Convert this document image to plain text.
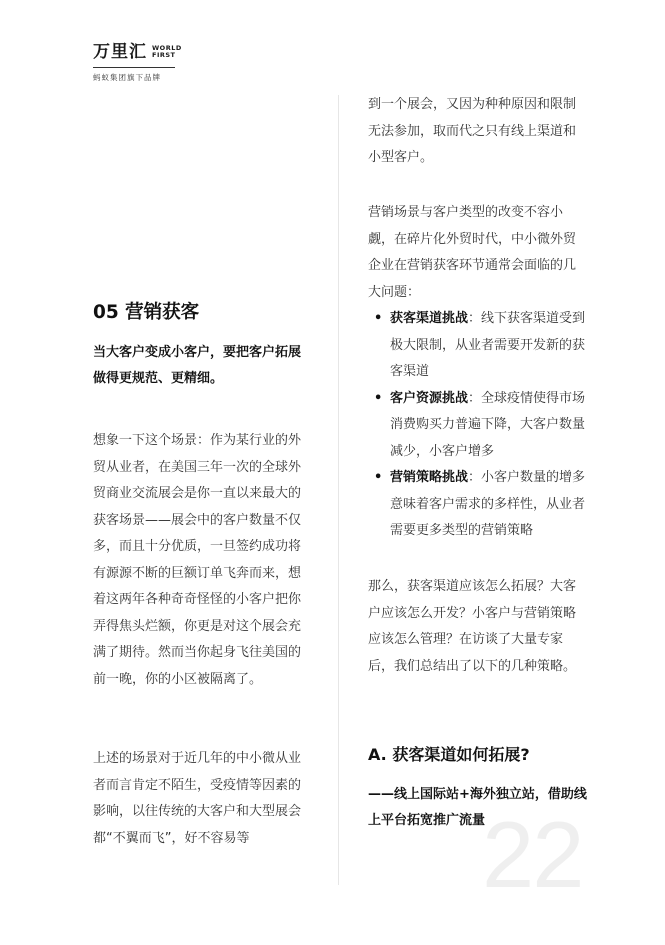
万里汇 WORLD
FIRST
蚂蚁集团旗下品牌
05 营销获客
当大客户变成小客户，要把客户拓展做得更规范、更精细。

想象一下这个场景：作为某行业的外贸从业者，在美国三年一次的全球外贸商业交流展会是你一直以来最大的获客场景——展会中的客户数量不仅多，而且十分优质，一旦签约成功将有源源不断的巨额订单飞奔而来，想着这两年各种奇奇怪怪的小客户把你弄得焦头烂额，你更是对这个展会充满了期待。然而当你起身飞往美国的前一晚，你的小区被隔离了。

上述的场景对于近几年的中小微从业者而言肯定不陌生，受疫情等因素的影响，以往传统的大客户和大型展会都“不翼而飞”，好不容易等

到一个展会，又因为种种原因和限制无法参加，取而代之只有线上渠道和小型客户。

营销场景与客户类型的改变不容小觑，在碎片化外贸时代，中小微外贸企业在营销获客环节通常会面临的几大问题：

• 获客渠道挑战：线下获客渠道受到极大限制，从业者需要开发新的获客渠道
• 客户资源挑战：全球疫情使得市场消费购买力普遍下降，大客户数量减少，小客户增多
• 营销策略挑战：小客户数量的增多意味着客户需求的多样性，从业者需要更多类型的营销策略

那么，获客渠道应该怎么拓展？大客户应该怎么开发？小客户与营销策略应该怎么管理？在访谈了大量专家后，我们总结出了以下的几种策略。

22
A. 获客渠道如何拓展?
——线上国际站+海外独立站，借助线上平台拓宽推广流量
